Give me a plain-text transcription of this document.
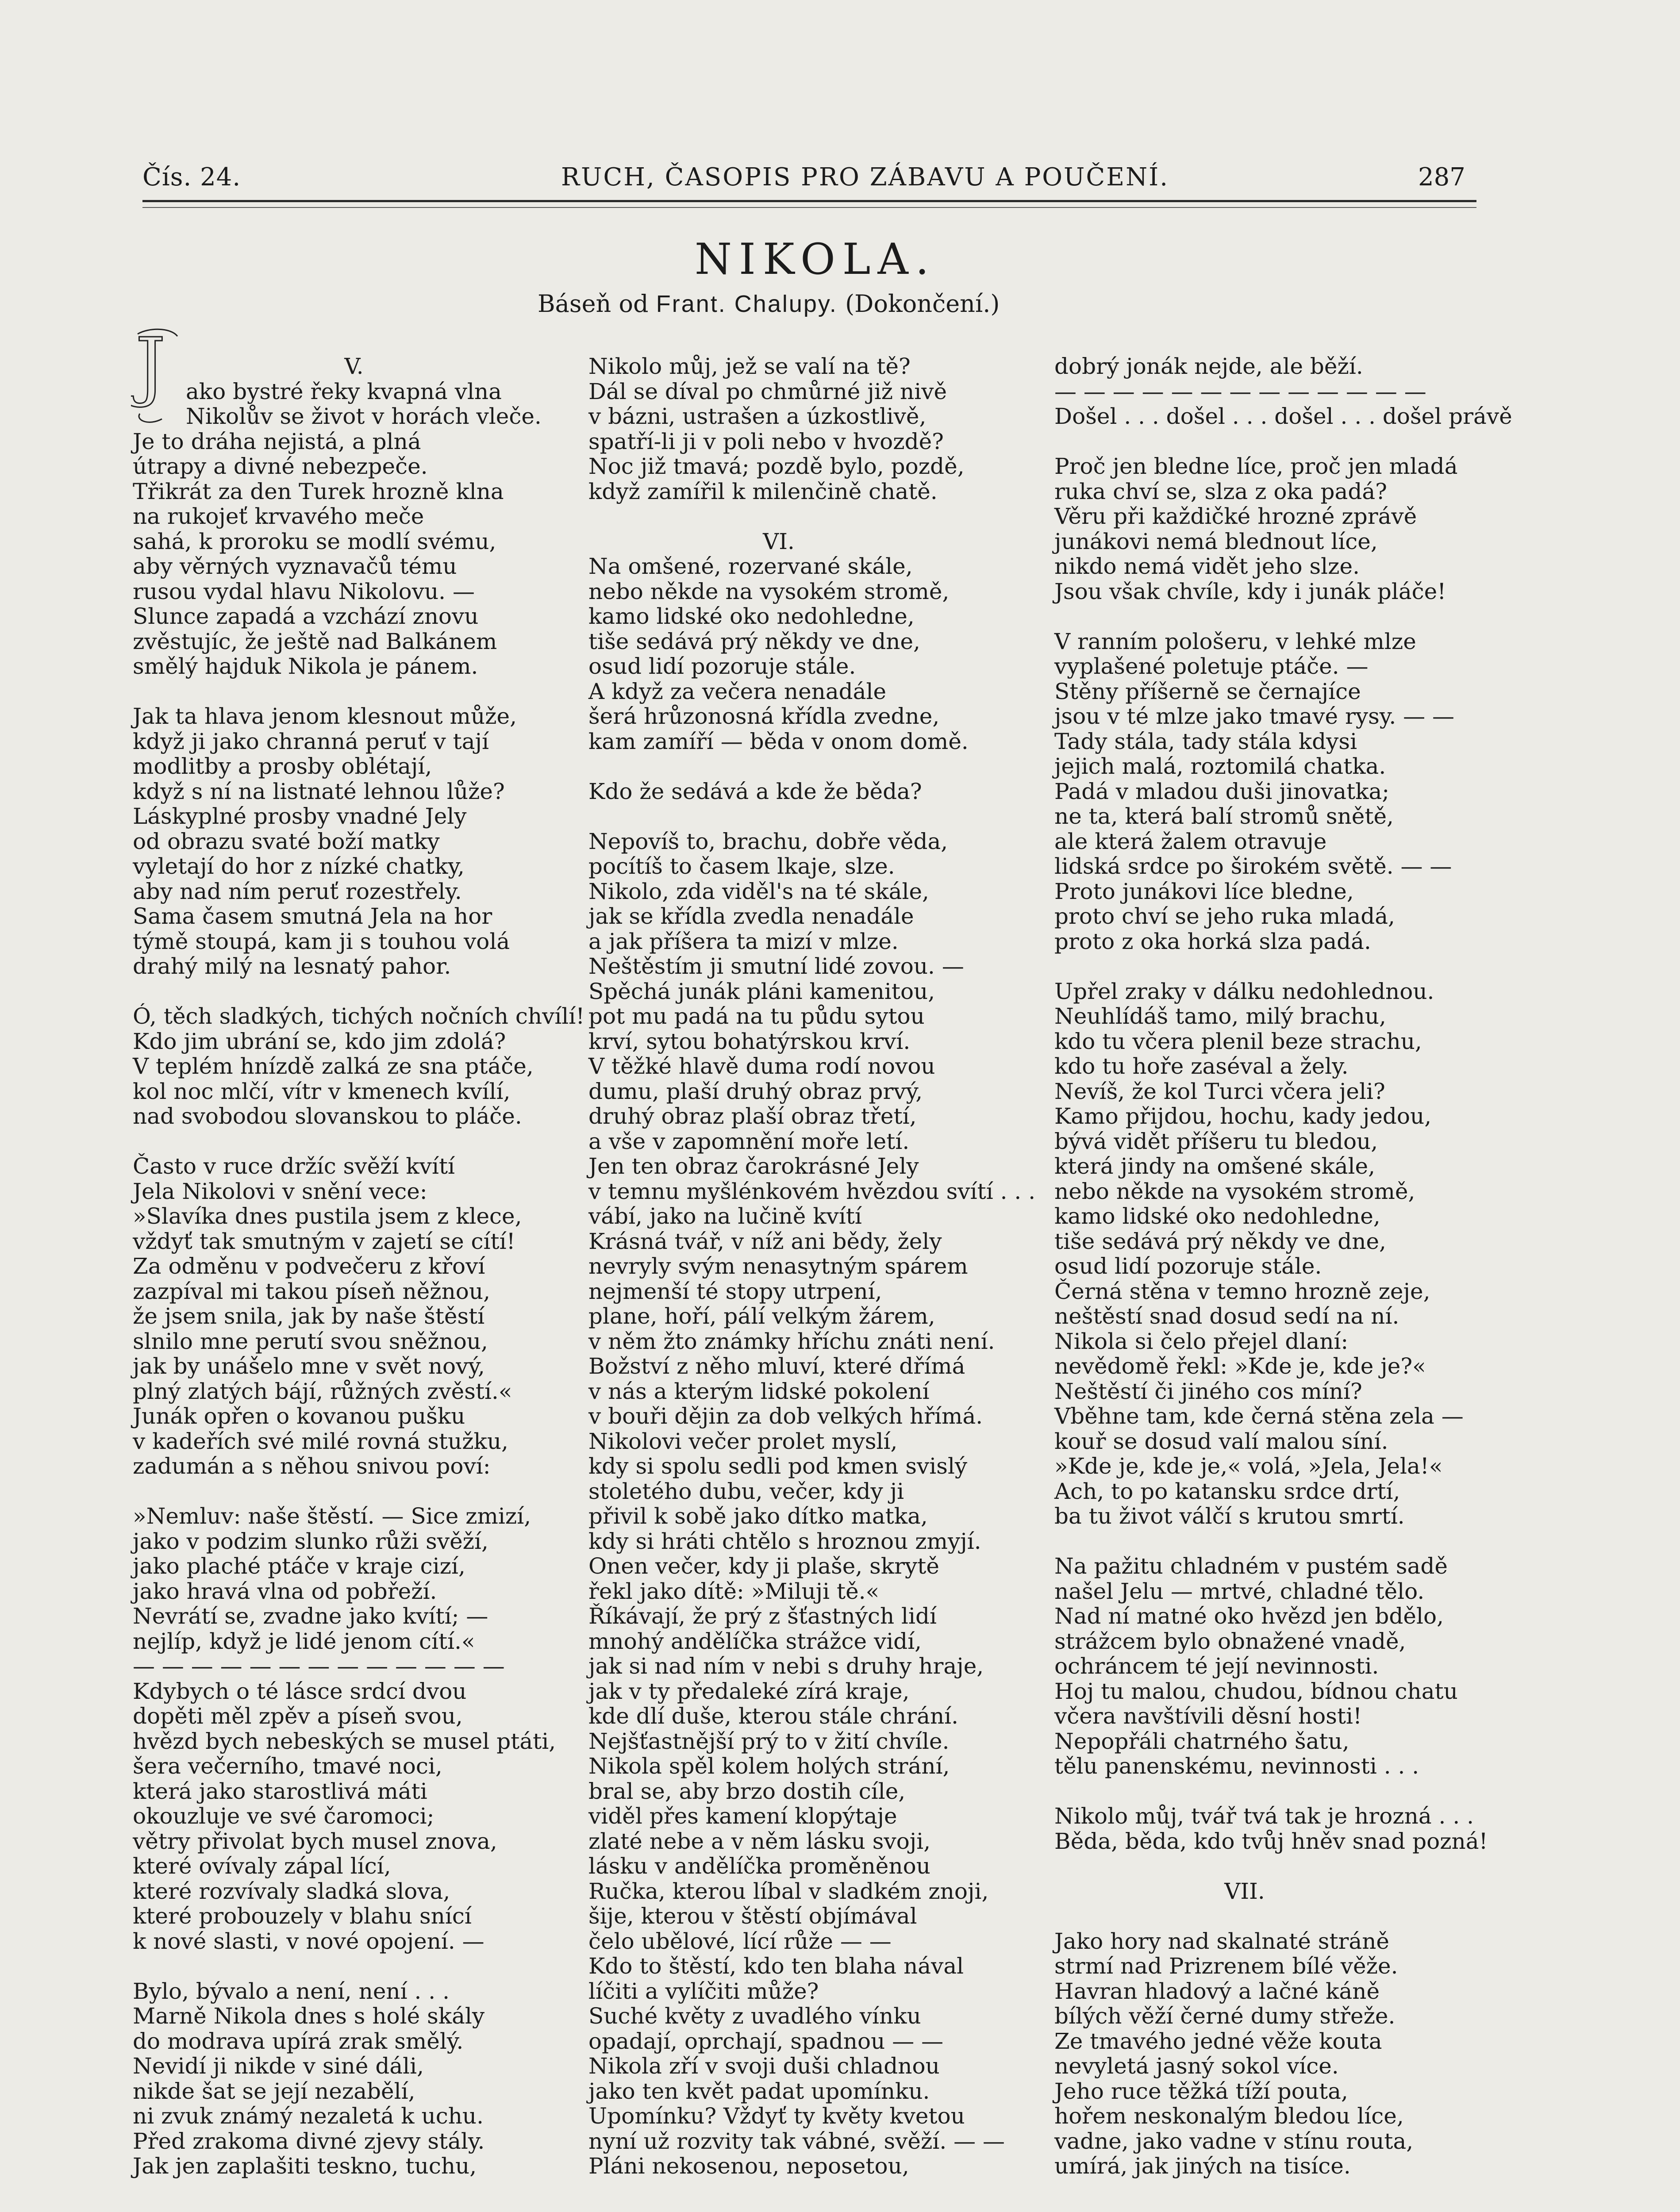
Čís. 24.	RUCH, ČASOPIS PRO ZÁBAVU A POUČENÍ.	287
NIKOLA.
Báseň od Frant. Chalupy. (Dokončení.)
J	V.
ako bystré řeky kvapná vlna
Nikolův se život v horách vleče.
Je to dráha nejistá, a plná
útrapy a divné nebezpeče.
Třikrát za den Turek hrozně klna
na rukojeť krvavého meče
sahá, k proroku se modlí svému,
aby věrných vyznavačů tému
rusou vydal hlavu Nikolovu. —
Slunce zapadá a vzchází znovu
zvěstujíc, že ještě nad Balkánem
smělý hajduk Nikola je pánem.
Jak ta hlava jenom klesnout může,
když ji jako chranná peruť v tají
modlitby a prosby oblétají,
když s ní na listnaté lehnou lůže?
Láskyplné prosby vnadné Jely
od obrazu svaté boží matky
vyletají do hor z nízké chatky,
aby nad ním peruť rozestřely.
Sama časem smutná Jela na hor
týmě stoupá, kam ji s touhou volá
drahý milý na lesnatý pahor.
Ó, těch sladkých, tichých nočních chvílí!
Kdo jim ubrání se, kdo jim zdolá?
V teplém hnízdě zalká ze sna ptáče,
kol noc mlčí, vítr v kmenech kvílí,
nad svobodou slovanskou to pláče.
Často v ruce držíc svěží kvítí
Jela Nikolovi v snění vece:
»Slavíka dnes pustila jsem z klece,
vždyť tak smutným v zajetí se cítí!
Za odměnu v podvečeru z křoví
zazpíval mi takou píseň něžnou,
že jsem snila, jak by naše štěstí
slnilo mne perutí svou sněžnou,
jak by unášelo mne v svět nový,
plný zlatých bájí, růžných zvěstí.«
Junák opřen o kovanou pušku
v kadeřích své milé rovná stužku,
zadumán a s něhou snivou poví:
»Nemluv: naše štěstí. — Sice zmizí,
jako v podzim slunko růži svěží,
jako plaché ptáče v kraje cizí,
jako hravá vlna od pobřeží.
Nevrátí se, zvadne jako kvítí; —
nejlíp, když je lidé jenom cítí.«
— — — — — — — — — — — — —
Kdybych o té lásce srdcí dvou
dopěti měl zpěv a píseň svou,
hvězd bych nebeských se musel ptáti,
šera večerního, tmavé noci,
která jako starostlivá máti
okouzluje ve své čaromoci;
větry přivolat bych musel znova,
které ovívaly zápal lící,
které rozvívaly sladká slova,
které probouzely v blahu snící
k nové slasti, v nové opojení. —
Bylo, bývalo a není, není . . .
Marně Nikola dnes s holé skály
do modrava upírá zrak smělý.
Nevidí ji nikde v siné dáli,
nikde šat se její nezabělí,
ni zvuk známý nezaletá k uchu.
Před zrakoma divné zjevy stály.
Jak jen zaplašiti teskno, tuchu,
Nikolo můj, jež se valí na tě?
Dál se díval po chmůrné již nivě
v bázni, ustrašen a úzkostlivě,
spatří-li ji v poli nebo v hvozdě?
Noc již tmavá; pozdě bylo, pozdě,
když zamířil k milenčině chatě.
VI.
Na omšené, rozervané skále,
nebo někde na vysokém stromě,
kamo lidské oko nedohledne,
tiše sedává prý někdy ve dne,
osud lidí pozoruje stále.
A když za večera nenadále
šerá hrůzonosná křídla zvedne,
kam zamíří — běda v onom domě.
Kdo že sedává a kde že běda?
Nepovíš to, brachu, dobře věda,
pocítíš to časem lkaje, slze.
Nikolo, zda viděl's na té skále,
jak se křídla zvedla nenadále
a jak příšera ta mizí v mlze.
Neštěstím ji smutní lidé zovou. —
Spěchá junák pláni kamenitou,
pot mu padá na tu půdu sytou
krví, sytou bohatýrskou krví.
V těžké hlavě duma rodí novou
dumu, plaší druhý obraz prvý,
druhý obraz plaší obraz třetí,
a vše v zapomnění moře letí.
Jen ten obraz čarokrásné Jely
v temnu myšlénkovém hvězdou svítí . . .
vábí, jako na lučině kvítí
Krásná tvář, v níž ani bědy, žely
nevryly svým nenasytným spárem
nejmenší té stopy utrpení,
plane, hoří, pálí velkým žárem,
v něm žto známky hříchu znáti není.
Božství z něho mluví, které dřímá
v nás a kterým lidské pokolení
v bouři dějin za dob velkých hřímá.
Nikolovi večer prolet myslí,
kdy si spolu sedli pod kmen svislý
stoletého dubu, večer, kdy ji
přivil k sobě jako dítko matka,
kdy si hráti chtělo s hroznou zmyjí.
Onen večer, kdy ji plaše, skrytě
řekl jako dítě: »Miluji tě.«
Říkávají, že prý z šťastných lidí
mnohý andělíčka strážce vidí,
jak si nad ním v nebi s druhy hraje,
jak v ty předaleké zírá kraje,
kde dlí duše, kterou stále chrání.
Nejšťastnější prý to v žití chvíle.
Nikola spěl kolem holých strání,
bral se, aby brzo dostih cíle,
viděl přes kamení klopýtaje
zlaté nebe a v něm lásku svoji,
lásku v andělíčka proměněnou
Ručka, kterou líbal v sladkém znoji,
šije, kterou v štěstí objímával
čelo ubělové, lící růže — —
Kdo to štěstí, kdo ten blaha nával
líčiti a vylíčiti může?
Suché květy z uvadlého vínku
opadají, oprchají, spadnou — —
Nikola zří v svoji duši chladnou
jako ten květ padat upomínku.
Upomínku? Vždyť ty květy kvetou
nyní už rozvity tak vábné, svěží. — —
Pláni nekosenou, neposetou,
dobrý jonák nejde, ale běží.
— — — — — — — — — — — — —
Došel . . . došel . . . došel . . . došel právě
Proč jen bledne líce, proč jen mladá
ruka chví se, slza z oka padá?
Věru při každičké hrozné zprávě
junákovi nemá blednout líce,
nikdo nemá vidět jeho slze.
Jsou však chvíle, kdy i junák pláče!
V ranním pološeru, v lehké mlze
vyplašené poletuje ptáče. —
Stěny příšerně se černajíce
jsou v té mlze jako tmavé rysy. — —
Tady stála, tady stála kdysi
jejich malá, roztomilá chatka.
Padá v mladou duši jinovatka;
ne ta, která balí stromů snětě,
ale která žalem otravuje
lidská srdce po širokém světě. — —
Proto junákovi líce bledne,
proto chví se jeho ruka mladá,
proto z oka horká slza padá.
Upřel zraky v dálku nedohlednou.
Neuhlídáš tamo, milý brachu,
kdo tu včera plenil beze strachu,
kdo tu hoře zaséval a žely.
Nevíš, že kol Turci včera jeli?
Kamo přijdou, hochu, kady jedou,
bývá vidět příšeru tu bledou,
která jindy na omšené skále,
nebo někde na vysokém stromě,
kamo lidské oko nedohledne,
tiše sedává prý někdy ve dne,
osud lidí pozoruje stále.
Černá stěna v temno hrozně zeje,
neštěstí snad dosud sedí na ní.
Nikola si čelo přejel dlaní:
nevědomě řekl: »Kde je, kde je?«
Neštěstí či jiného cos míní?
Vběhne tam, kde černá stěna zela —
kouř se dosud valí malou síní.
»Kde je, kde je,« volá, »Jela, Jela!«
Ach, to po katansku srdce drtí,
ba tu život válčí s krutou smrtí.
Na pažitu chladném v pustém sadě
našel Jelu — mrtvé, chladné tělo.
Nad ní matné oko hvězd jen bdělo,
strážcem bylo obnažené vnadě,
ochráncem té její nevinnosti.
Hoj tu malou, chudou, bídnou chatu
včera navštívili děsní hosti!
Nepopřáli chatrného šatu,
tělu panenskému, nevinnosti . . .
Nikolo můj, tvář tvá tak je hrozná . . .
Běda, běda, kdo tvůj hněv snad pozná!
VII.
Jako hory nad skalnaté stráně
strmí nad Prizrenem bílé věže.
Havran hladový a lačné káně
bílých věží černé dumy střeže.
Ze tmavého jedné věže kouta
nevyletá jasný sokol více.
Jeho ruce těžká tíží pouta,
hořem neskonalým bledou líce,
vadne, jako vadne v stínu routa,
umírá, jak jiných na tisíce.
